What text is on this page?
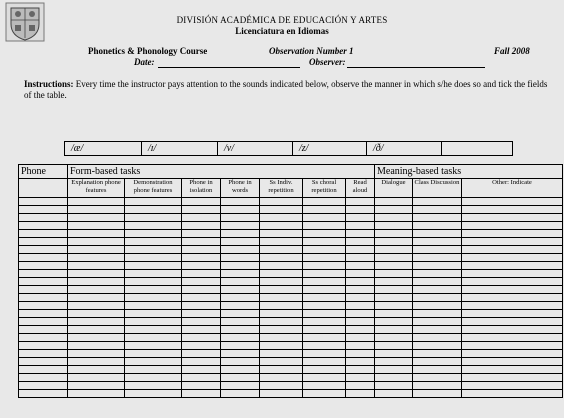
DIVISIÓN ACADÉMICA DE EDUCACIÓN Y ARTES
Licenciatura en Idiomas
Phonetics & Phonology Course	Observation Number 1	Fall 2008
Date:	Observer:
Instructions: Every time the instructor pays attention to the sounds indicated below, observe the manner in which s/he does so and tick the fields of the table.
/æ/	/ɪ/	/v/	/z/	/ð/	
Phone	Form-based tasks							Meaning-based tasks		
	Explanation phone features	Demonstration phone features	Phone in isolation	Phone in words	Ss Indiv. repetition	Ss choral repetition	Read aloud	Dialogue	Class Discussion	Other: Indicate
